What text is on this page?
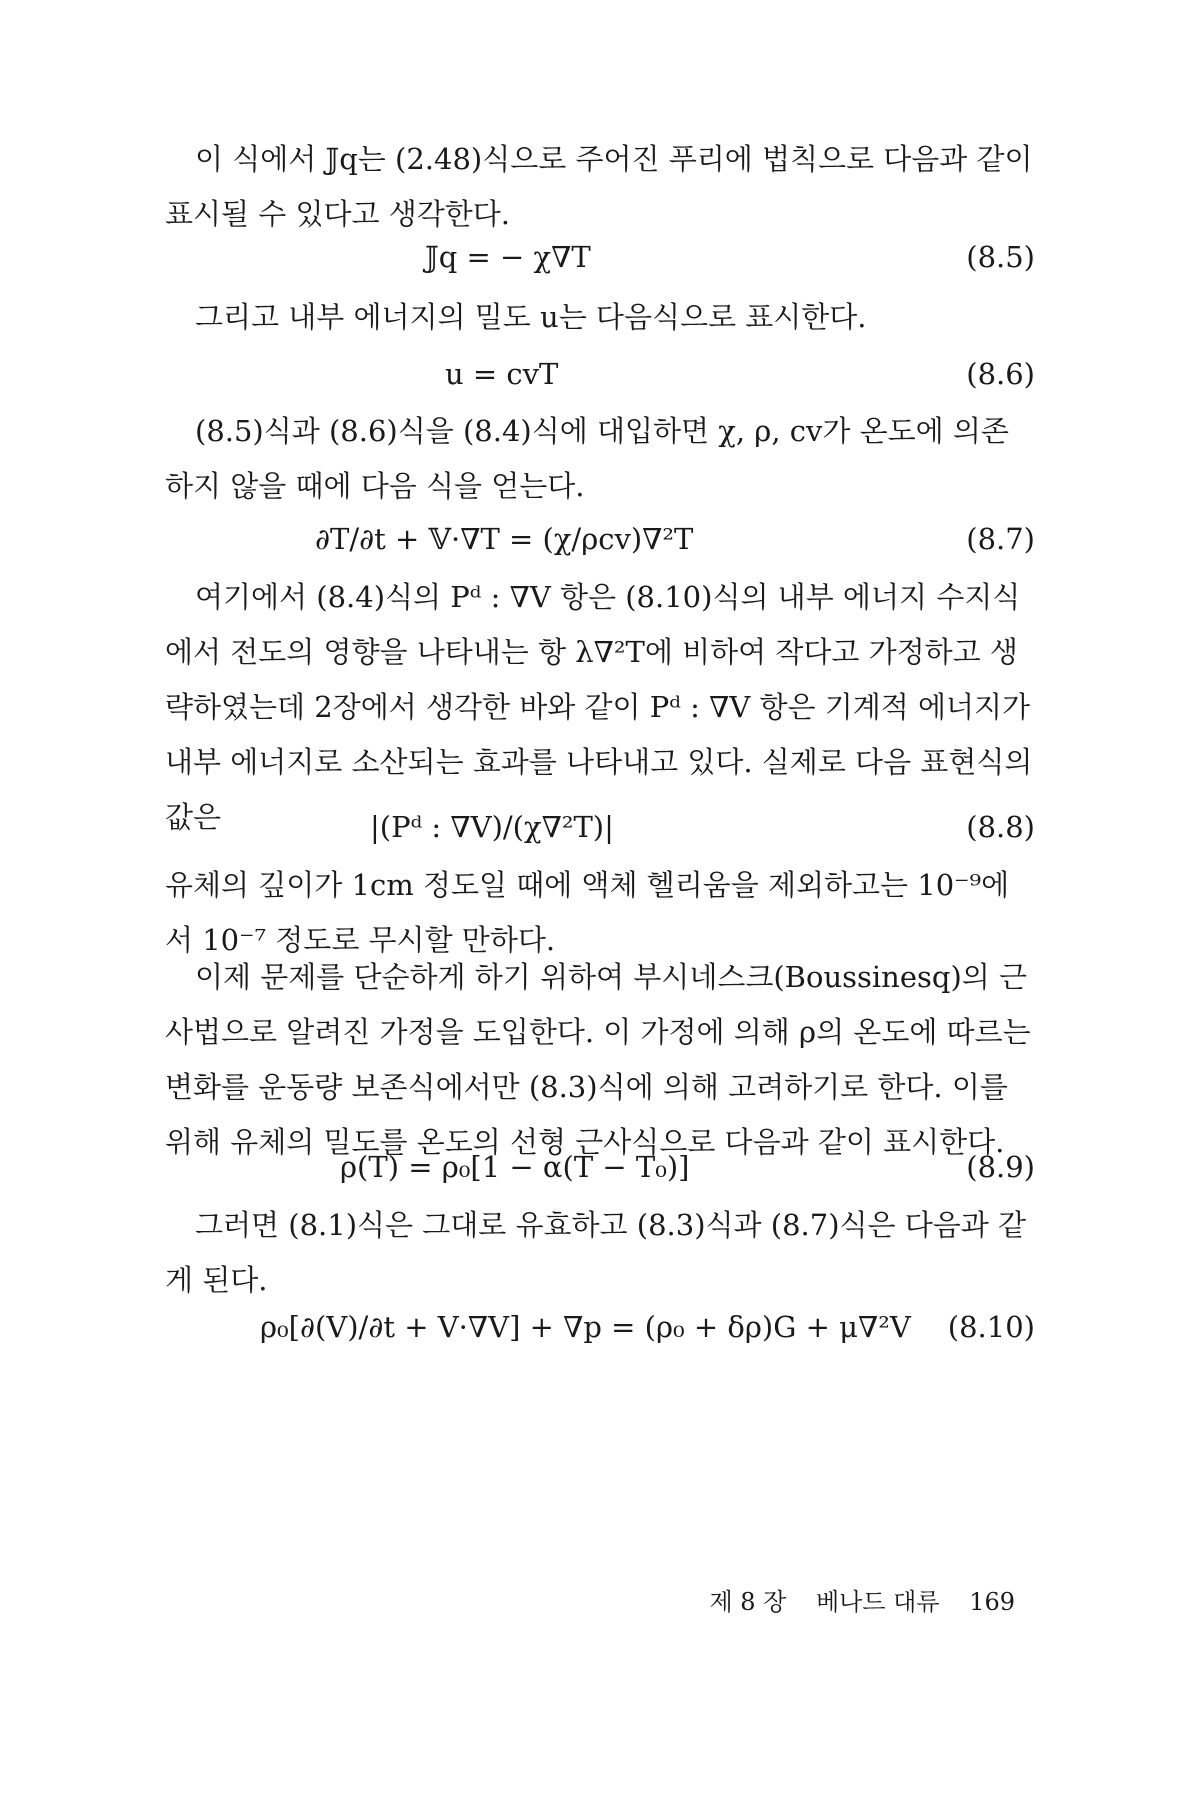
이 식에서 𝕁q는 (2.48)식으로 주어진 푸리에 법칙으로 다음과 같이 표시될 수 있다고 생각한다.

𝕁q = − χ∇T	(8.5)

그리고 내부 에너지의 밀도 u는 다음식으로 표시한다.

u = cvT	(8.6)

(8.5)식과 (8.6)식을 (8.4)식에 대입하면 χ, ρ, cv가 온도에 의존하지 않을 때에 다음 식을 얻는다.

∂T/∂t + 𝕍·∇T = (χ/ρcv)∇²T	(8.7)

여기에서 (8.4)식의 Pᵈ : ∇V 항은 (8.10)식의 내부 에너지 수지식에서 전도의 영향을 나타내는 항 λ∇²T에 비하여 작다고 가정하고 생략하였는데 2장에서 생각한 바와 같이 Pᵈ : ∇V 항은 기계적 에너지가 내부 에너지로 소산되는 효과를 나타내고 있다. 실제로 다음 표현식의 값은	|(Pᵈ : ∇V)/(χ∇²T)|	(8.8)

유체의 깊이가 1cm 정도일 때에 액체 헬리움을 제외하고는 10⁻⁹에서 10⁻⁷ 정도로 무시할 만하다.

이제 문제를 단순하게 하기 위하여 부시네스크(Boussinesq)의 근사법으로 알려진 가정을 도입한다. 이 가정에 의해 ρ의 온도에 따르는 변화를 운동량 보존식에서만 (8.3)식에 의해 고려하기로 한다. 이를 위해 유체의 밀도를 온도의 선형 근사식으로 다음과 같이 표시한다.

ρ(T) = ρ₀[1 − α(T − T₀)]	(8.9)

그러면 (8.1)식은 그대로 유효하고 (8.3)식과 (8.7)식은 다음과 같게 된다.

ρ₀[∂(V)/∂t + V·∇V] + ∇p = (ρ₀ + δρ)G + μ∇²V (8.10)
제 8 장 베나드 대류 169
